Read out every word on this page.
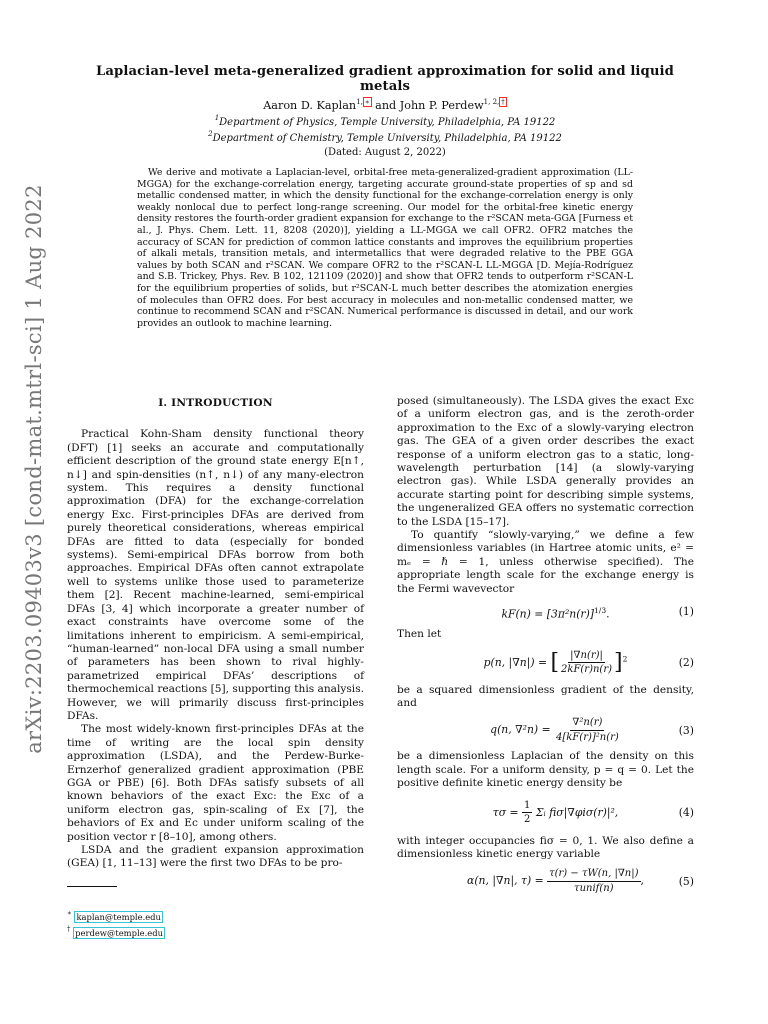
arXiv:2203.09403v3 [cond-mat.mtrl-sci] 1 Aug 2022
Laplacian-level meta-generalized gradient approximation for solid and liquid metals
Aaron D. Kaplan$^{1,}$ ∗ and John P. Perdew$^{1, 2,}$ †
$^1$Department of Physics, Temple University, Philadelphia, PA 19122
$^2$Department of Chemistry, Temple University, Philadelphia, PA 19122
(Dated: August 2, 2022)

We derive and motivate a Laplacian-level, orbital-free meta-generalized-gradient approximation (LL-MGGA) for the exchange-correlation energy, targeting accurate ground-state properties of sp and sd metallic condensed matter, in which the density functional for the exchange-correlation energy is only weakly nonlocal due to perfect long-range screening. Our model for the orbital-free kinetic energy density restores the fourth-order gradient expansion for exchange to the r²SCAN meta-GGA [Furness et al., J. Phys. Chem. Lett. 11, 8208 (2020)], yielding a LL-MGGA we call OFR2. OFR2 matches the accuracy of SCAN for prediction of common lattice constants and improves the equilibrium properties of alkali metals, transition metals, and intermetallics that were degraded relative to the PBE GGA values by both SCAN and r²SCAN. We compare OFR2 to the r²SCAN-L LL-MGGA [D. Mejía-Rodríguez and S.B. Trickey, Phys. Rev. B 102, 121109 (2020)] and show that OFR2 tends to outperform r²SCAN-L for the equilibrium properties of solids, but r²SCAN-L much better describes the atomization energies of molecules than OFR2 does. For best accuracy in molecules and non-metallic condensed matter, we continue to recommend SCAN and r²SCAN. Numerical performance is discussed in detail, and our work provides an outlook to machine learning.

I. INTRODUCTION

Practical Kohn-Sham density functional theory (DFT) [1] seeks an accurate and computationally efficient description of the ground state energy E[n↑, n↓] and spin-densities (n↑, n↓) of any many-electron system. This requires a density functional approximation (DFA) for the exchange-correlation energy Exc. First-principles DFAs are derived from purely theoretical considerations, whereas empirical DFAs are fitted to data (especially for bonded systems). Semi-empirical DFAs borrow from both approaches. Empirical DFAs often cannot extrapolate well to systems unlike those used to parameterize them [2]. Recent machine-learned, semi-empirical DFAs [3, 4] which incorporate a greater number of exact constraints have overcome some of the limitations inherent to empiricism. A semi-empirical, “human-learned” non-local DFA using a small number of parameters has been shown to rival highly-parametrized empirical DFAs’ descriptions of thermochemical reactions [5], supporting this analysis. However, we will primarily discuss first-principles DFAs.

The most widely-known first-principles DFAs at the time of writing are the local spin density approximation (LSDA), and the Perdew-Burke-Ernzerhof generalized gradient approximation (PBE GGA or PBE) [6]. Both DFAs satisfy subsets of all known behaviors of the exact Exc: the Exc of a uniform electron gas, spin-scaling of Ex [7], the behaviors of Ex and Ec under uniform scaling of the position vector r [8–10], among others.

LSDA and the gradient expansion approximation (GEA) [1, 11–13] were the first two DFAs to be pro-

posed (simultaneously). The LSDA gives the exact Exc of a uniform electron gas, and is the zeroth-order approximation to the Exc of a slowly-varying electron gas. The GEA of a given order describes the exact response of a uniform electron gas to a static, long-wavelength perturbation [14] (a slowly-varying electron gas). While LSDA generally provides an accurate starting point for describing simple systems, the ungeneralized GEA offers no systematic correction to the LSDA [15–17].

To quantify “slowly-varying,” we define a few dimensionless variables (in Hartree atomic units, e² = mₑ = ℏ = 1, unless otherwise specified). The appropriate length scale for the exchange energy is the Fermi wavevector

$kF(n) = [3\pi^2n(r)]^{1/3}$.	(1)

Then let

p(n, |∇n|) = [ $\frac{|\nabla n(r)|}{2kF(r)n(r)} ]^2$	(2)

be a squared dimensionless gradient of the density, and

q(n, $\nabla^2n) = \frac{\text{∇²n(r)}}{\text{4[kF(r)]²n(r)}}$	(3)

be a dimensionless Laplacian of the density on this length scale. For a uniform density, p = q = 0. Let the positive definite kinetic energy density be

$\tau\sigma = \frac{1}{2}$ Σᵢ fiσ|∇φiσ(r)|²,	(4)

with integer occupancies fiσ = 0, 1. We also define a dimensionless kinetic energy variable

α(n, |∇n|, $\tau) = \frac{\tau(r) - \tau W(n, |\nabla n|)}{\text{τunif(n)}}$ ,	(5)
∗ kaplan@temple.edu
† perdew@temple.edu
